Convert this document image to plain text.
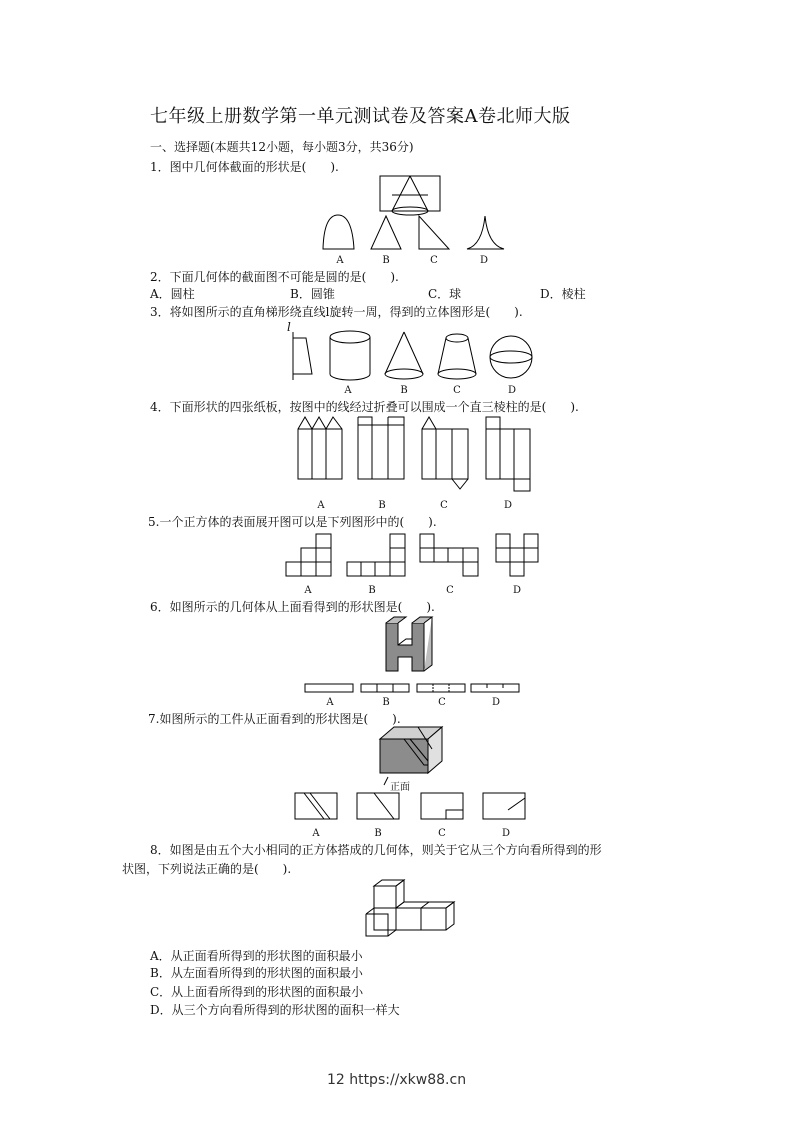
七年级上册数学第一单元测试卷及答案A卷北师大版
一、选择题(本题共12小题，每小题3分，共36分)
1．图中几何体截面的形状是(　　).
A	B	C	D
2．下面几何体的截面图不可能是圆的是(　　).
A．圆柱	B．圆锥	C．球	D．棱柱
3．将如图所示的直角梯形绕直线l旋转一周，得到的立体图形是(　　).
l
A	B	C	D
4．下面形状的四张纸板，按图中的线经过折叠可以围成一个直三棱柱的是(　　).
A	B	C	D
5.一个正方体的表面展开图可以是下列图形中的(　　).
A	B	C	D
6．如图所示的几何体从上面看得到的形状图是(　　).
A	B	C	D
7.如图所示的工件从正面看到的形状图是(　　).
正面
A	B	C	D
8．如图是由五个大小相同的正方体搭成的几何体，则关于它从三个方向看所得到的形
状图，下列说法正确的是(　　).
A．从正面看所得到的形状图的面积最小
B．从左面看所得到的形状图的面积最小
C．从上面看所得到的形状图的面积最小
D．从三个方向看所得到的形状图的面积一样大
12 https://xkw88.cn
